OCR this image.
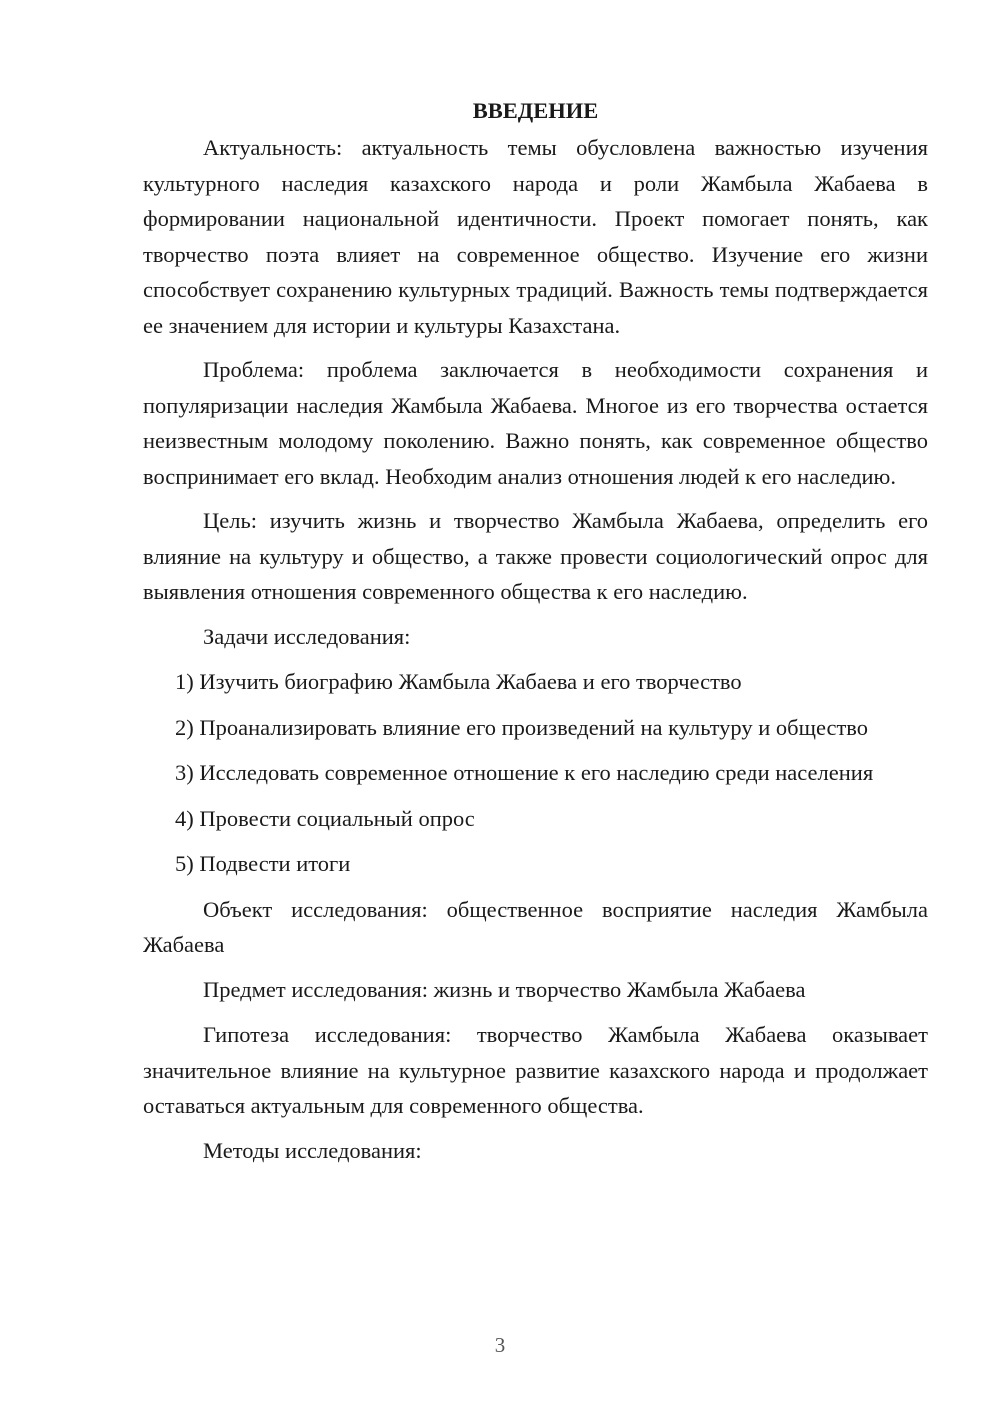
ВВЕДЕНИЕ

Актуальность: актуальность темы обусловлена важностью изучения культурного наследия казахского народа и роли Жамбыла Жабаева в формировании национальной идентичности. Проект помогает понять, как творчество поэта влияет на современное общество. Изучение его жизни способствует сохранению культурных традиций. Важность темы подтверждается ее значением для истории и культуры Казахстана.

Проблема: проблема заключается в необходимости сохранения и популяризации наследия Жамбыла Жабаева. Многое из его творчества остается неизвестным молодому поколению. Важно понять, как современное общество воспринимает его вклад. Необходим анализ отношения людей к его наследию.

Цель: изучить жизнь и творчество Жамбыла Жабаева, определить его влияние на культуру и общество, а также провести социологический опрос для выявления отношения современного общества к его наследию.

Задачи исследования:

1) Изучить биографию Жамбыла Жабаева и его творчество

2) Проанализировать влияние его произведений на культуру и общество

3) Исследовать современное отношение к его наследию среди населения

4) Провести социальный опрос

5) Подвести итоги

Объект исследования: общественное восприятие наследия Жамбыла Жабаева

Предмет исследования: жизнь и творчество Жамбыла Жабаева

Гипотеза исследования: творчество Жамбыла Жабаева оказывает значительное влияние на культурное развитие казахского народа и продолжает оставаться актуальным для современного общества.

Методы исследования:

3
